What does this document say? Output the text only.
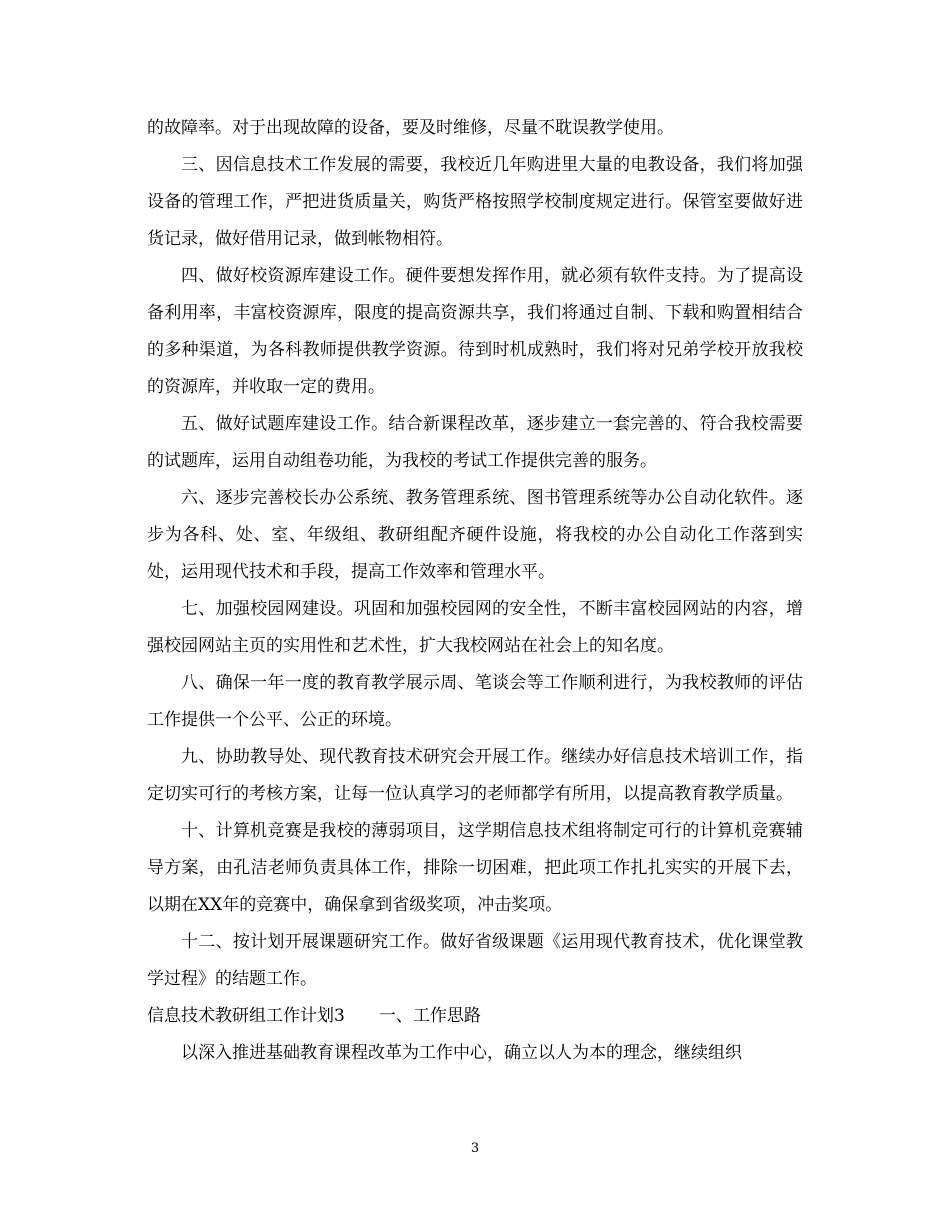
的故障率。对于出现故障的设备，要及时维修，尽量不耽误教学使用。

三、因信息技术工作发展的需要，我校近几年购进里大量的电教设备，我们将加强设备的管理工作，严把进货质量关，购货严格按照学校制度规定进行。保管室要做好进货记录，做好借用记录，做到帐物相符。

四、做好校资源库建设工作。硬件要想发挥作用，就必须有软件支持。为了提高设备利用率，丰富校资源库，限度的提高资源共享，我们将通过自制、下载和购置相结合的多种渠道，为各科教师提供教学资源。待到时机成熟时，我们将对兄弟学校开放我校的资源库，并收取一定的费用。

五、做好试题库建设工作。结合新课程改革，逐步建立一套完善的、符合我校需要的试题库，运用自动组卷功能，为我校的考试工作提供完善的服务。

六、逐步完善校长办公系统、教务管理系统、图书管理系统等办公自动化软件。逐步为各科、处、室、年级组、教研组配齐硬件设施，将我校的办公自动化工作落到实处，运用现代技术和手段，提高工作效率和管理水平。

七、加强校园网建设。巩固和加强校园网的安全性，不断丰富校园网站的内容，增强校园网站主页的实用性和艺术性，扩大我校网站在社会上的知名度。

八、确保一年一度的教育教学展示周、笔谈会等工作顺利进行，为我校教师的评估工作提供一个公平、公正的环境。

九、协助教导处、现代教育技术研究会开展工作。继续办好信息技术培训工作，指定切实可行的考核方案，让每一位认真学习的老师都学有所用，以提高教育教学质量。

十、计算机竞赛是我校的薄弱项目，这学期信息技术组将制定可行的计算机竞赛辅导方案，由孔洁老师负责具体工作，排除一切困难，把此项工作扎扎实实的开展下去，以期在XX年的竞赛中，确保拿到省级奖项，冲击奖项。

十二、按计划开展课题研究工作。做好省级课题《运用现代教育技术，优化课堂教学过程》的结题工作。

信息技术教研组工作计划3 一、工作思路

以深入推进基础教育课程改革为工作中心，确立以人为本的理念，继续组织

3
